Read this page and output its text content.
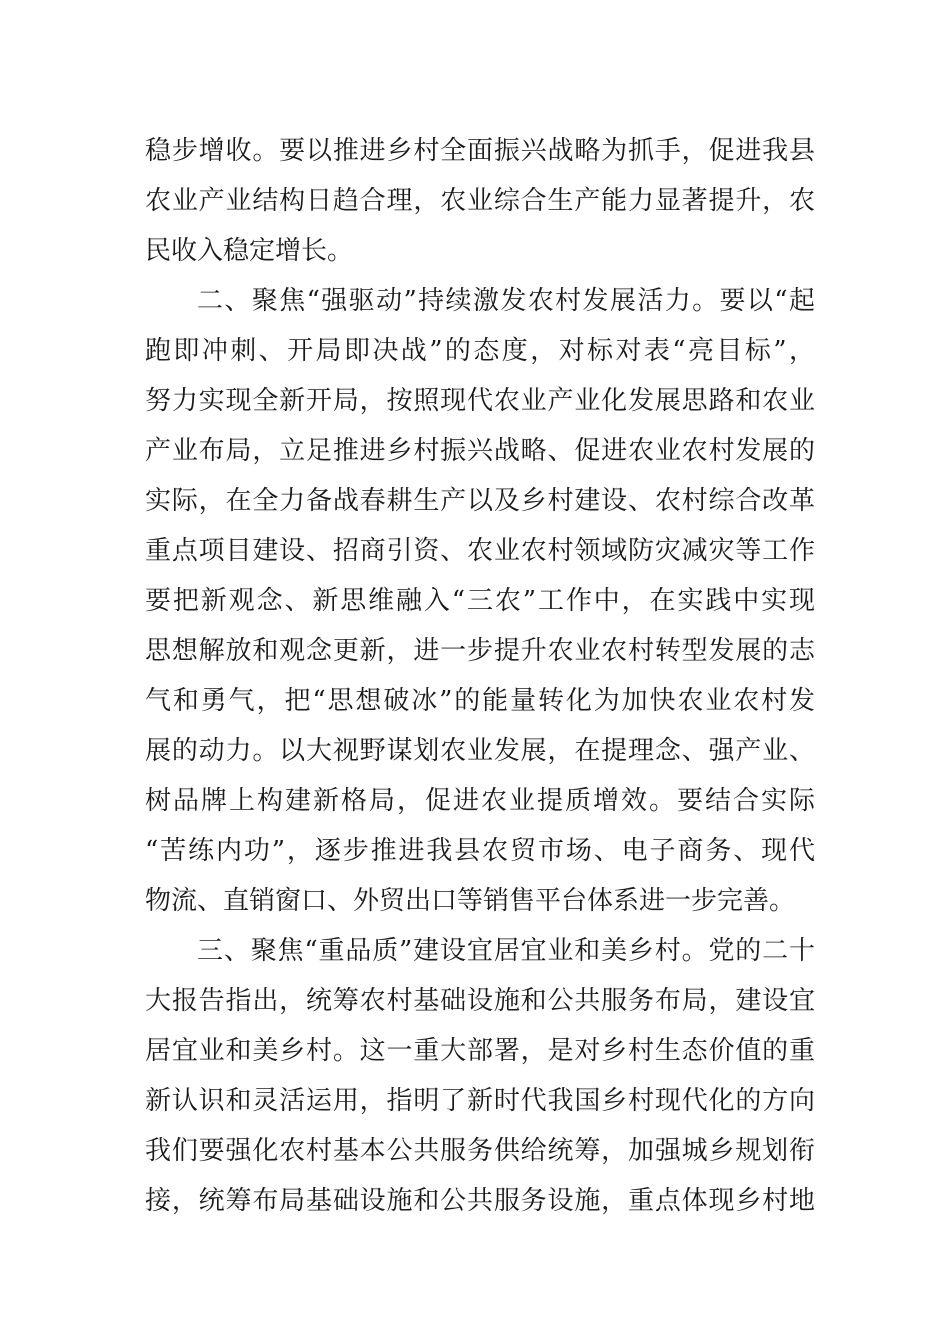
稳步增收。要以推进乡村全面振兴战略为抓手，促进我县
农业产业结构日趋合理，农业综合生产能力显著提升，农
民收入稳定增长。
二、聚焦“强驱动”持续激发农村发展活力。要以“起
跑即冲刺、开局即决战”的态度，对标对表“亮目标”，
努力实现全新开局，按照现代农业产业化发展思路和农业
产业布局，立足推进乡村振兴战略、促进农业农村发展的
实际，在全力备战春耕生产以及乡村建设、农村综合改革
重点项目建设、招商引资、农业农村领域防灾减灾等工作
要把新观念、新思维融入“三农”工作中，在实践中实现
思想解放和观念更新，进一步提升农业农村转型发展的志
气和勇气，把“思想破冰”的能量转化为加快农业农村发
展的动力。以大视野谋划农业发展，在提理念、强产业、
树品牌上构建新格局，促进农业提质增效。要结合实际
“苦练内功”，逐步推进我县农贸市场、电子商务、现代
物流、直销窗口、外贸出口等销售平台体系进一步完善。
三、聚焦“重品质”建设宜居宜业和美乡村。党的二十
大报告指出，统筹农村基础设施和公共服务布局，建设宜
居宜业和美乡村。这一重大部署，是对乡村生态价值的重
新认识和灵活运用，指明了新时代我国乡村现代化的方向
我们要强化农村基本公共服务供给统筹，加强城乡规划衔
接，统筹布局基础设施和公共服务设施，重点体现乡村地
